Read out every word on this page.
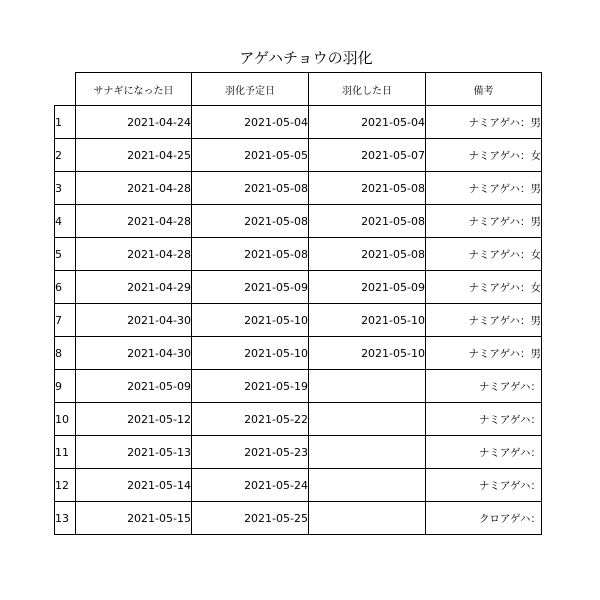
アゲハチョウの羽化
	サナギになった日	羽化予定日	羽化した日	備考
1	2021-04-24	2021-05-04	2021-05-04	ナミアゲハ：男
2	2021-04-25	2021-05-05	2021-05-07	ナミアゲハ：女
3	2021-04-28	2021-05-08	2021-05-08	ナミアゲハ：男
4	2021-04-28	2021-05-08	2021-05-08	ナミアゲハ：男
5	2021-04-28	2021-05-08	2021-05-08	ナミアゲハ：女
6	2021-04-29	2021-05-09	2021-05-09	ナミアゲハ：女
7	2021-04-30	2021-05-10	2021-05-10	ナミアゲハ：男
8	2021-04-30	2021-05-10	2021-05-10	ナミアゲハ：男
9	2021-05-09	2021-05-19		ナミアゲハ：
10	2021-05-12	2021-05-22		ナミアゲハ：
11	2021-05-13	2021-05-23		ナミアゲハ：
12	2021-05-14	2021-05-24		ナミアゲハ：
13	2021-05-15	2021-05-25		クロアゲハ：
